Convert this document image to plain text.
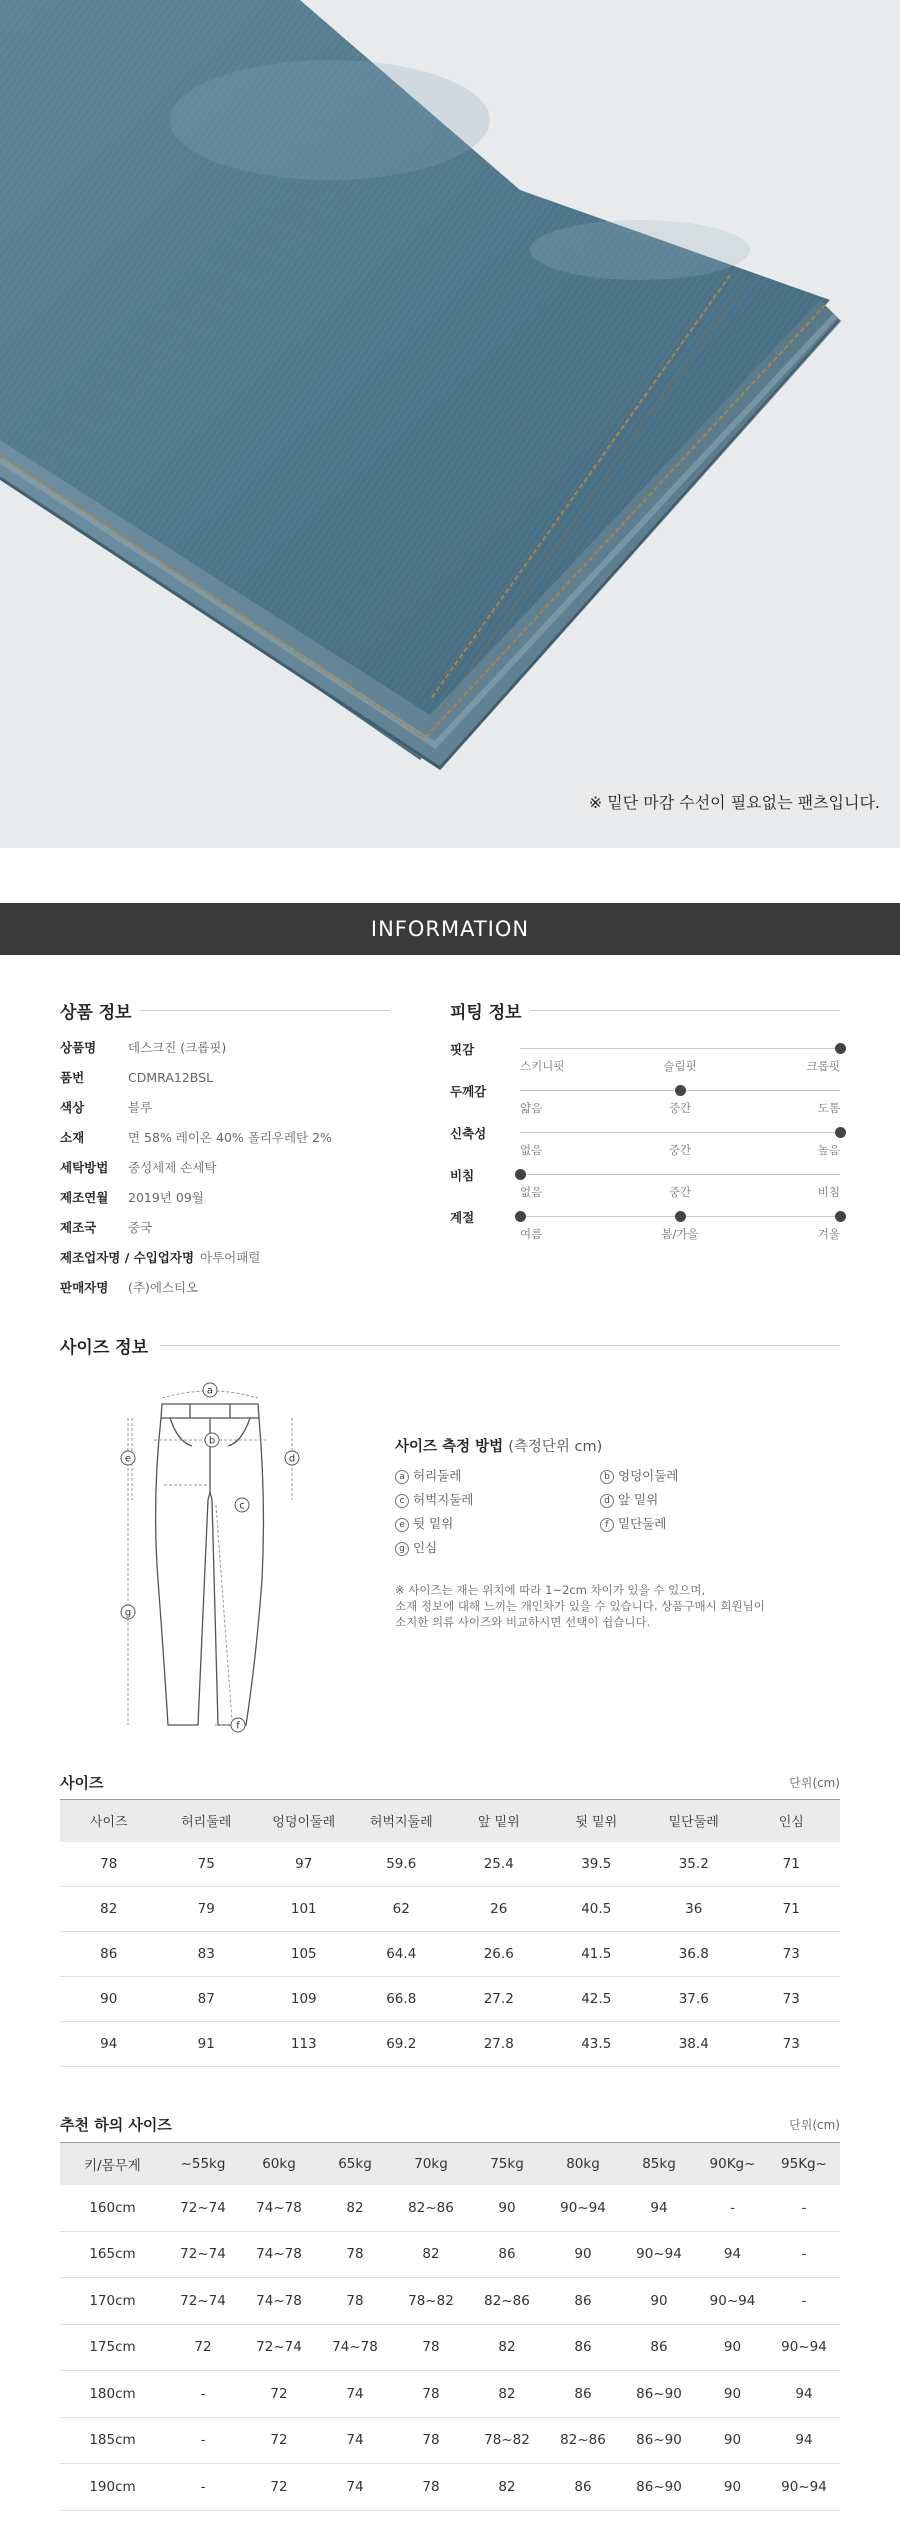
※ 밑단 마감 수선이 필요없는 팬츠입니다.
INFORMATION
상품 정보
상품명	데스크진 (크롭핏)
품번	CDMRA12BSL
색상	블루
소재	면 58% 레이온 40% 폴리우레탄 2%
세탁방법	중성세제 손세탁
제조연월	2019년 09월
제조국	중국
제조업자명 / 수입업자명 아투어패럴
판매자명	(주)에스티오
피팅 정보
핏감
스키니핏	슬림핏	크롭핏
두께감
얇음	중간	도톰
신축성
없음	중간	높음
비침
없음	중간	비침
계절
여름	봄/가을	겨울
사이즈 정보
a
b
c
d
e
f
g
사이즈 측정 방법 (측정단위 cm)
a 허리둘레	b 엉덩이둘레
c 허벅지둘레	d 앞 밑위
e 뒷 밑위	f 밑단둘레
g 인심
※ 사이즈는 재는 위치에 따라 1~2cm 차이가 있을 수 있으며,
소재 정보에 대해 느끼는 개인차가 있을 수 있습니다. 상품구매시 회원님이
소지한 의류 사이즈와 비교하시면 선택이 쉽습니다.
사이즈	단위(cm)
사이즈	허리둘레	엉덩이둘레	허벅지둘레	앞 밑위	뒷 밑위	밑단둘레	인심
78	75	97	59.6	25.4	39.5	35.2	71
82	79	101	62	26	40.5	36	71
86	83	105	64.4	26.6	41.5	36.8	73
90	87	109	66.8	27.2	42.5	37.6	73
94	91	113	69.2	27.8	43.5	38.4	73
추천 하의 사이즈	단위(cm)
키/몸무게	~55kg	60kg	65kg	70kg	75kg	80kg	85kg	90Kg~	95Kg~
160cm	72~74	74~78	82	82~86	90	90~94	94	-	-
165cm	72~74	74~78	78	82	86	90	90~94	94	-
170cm	72~74	74~78	78	78~82	82~86	86	90	90~94	-
175cm	72	72~74	74~78	78	82	86	86	90	90~94
180cm	-	72	74	78	82	86	86~90	90	94
185cm	-	72	74	78	78~82	82~86	86~90	90	94
190cm	-	72	74	78	82	86	86~90	90	90~94
